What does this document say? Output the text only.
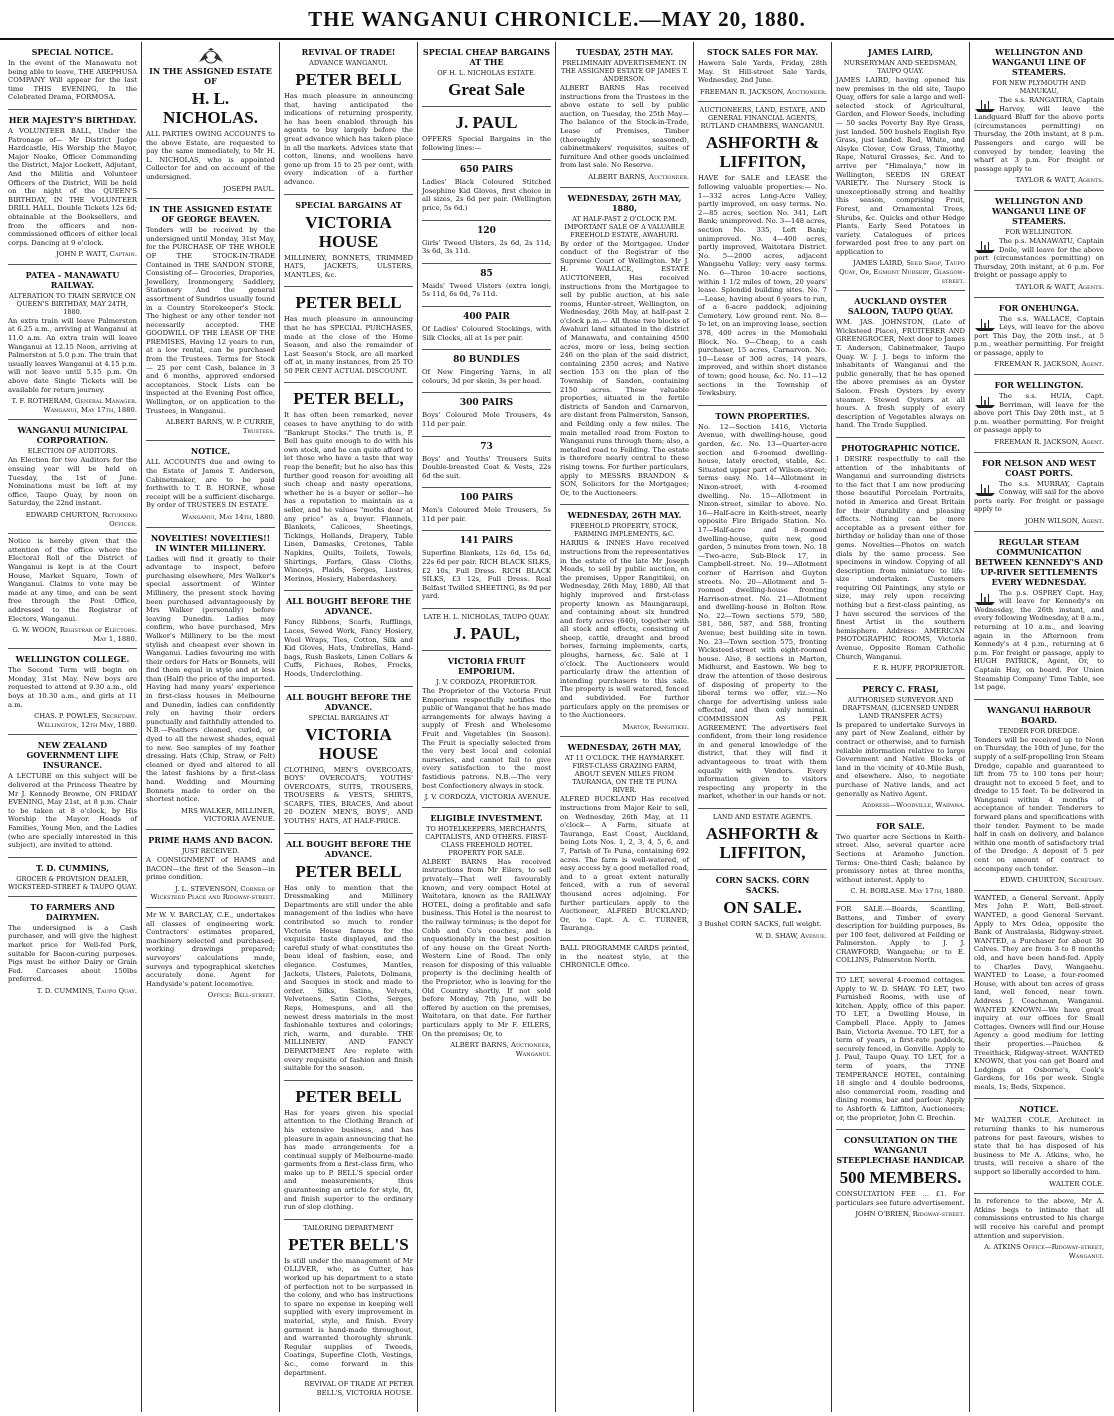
THE WANGANUI CHRONICLE.—MAY 20, 1880.
SPECIAL NOTICE.
In the event of the Manawatu not being able to leave, THE AREPHUSA COMPANY Will appear for the last time THIS EVENING, In the Celebrated Drama, FORMOSA.
HER MAJESTY'S BIRTHDAY.
A VOLUNTEER BALL, Under the Patronage of— Mr District Judge Hardcastle, His Worship the Mayor, Major Noake, Officer Commanding the District, Major Lockett, Adjutant, And the Militia and Volunteer Officers of the District, Will be held on the night of the QUEEN'S BIRTHDAY, IN THE VOLUNTEER DRILL HALL. Double Tickets 12s 6d; obtainable at the Booksellers, and from the officers and non-commissioned officers of either local corps. Dancing at 9 o'clock.
JOHN P. WATT, Captain.
PATEA - MANAWATU RAILWAY.
ALTERATION TO TRAIN SERVICE ON QUEEN'S BIRTHDAY, MAY 24TH, 1880.
An extra train will leave Palmerston at 6.25 a.m., arriving at Wanganui at 11.0 a.m. An extra train will leave Wanganui at 12.15 Noon, arriving at Palmerston at 5.0 p.m. The train that usually leaves Wanganui at 4.15 p.m. will not leave until 5.15 p.m. On above date Single Tickets will be available for return journey.
T. F. ROTHERAM, General Manager. Wanganui, May 17th, 1880.
WANGANUI MUNICIPAL CORPORATION.
ELECTION OF AUDITORS.
An Election for two Auditors for the ensuing year will be held on Tuesday, the 1st of June. Nominations must be left at my office, Taupo Quay, by noon on Saturday, the 22nd instant.
EDWARD CHURTON, Returning Officer.
Notice is hereby given that the attention of the office where the Electoral Roll of the District of Wanganui is kept is at the Court House, Market Square, Town of Wanganui. Claims to vote may be made at any time, and can be sent free through the Post Office, addressed to the Registrar of Electors, Wanganui.
G. W. WOON, Registrar of Electors. May 1, 1880.
WELLINGTON COLLEGE.
The Second Term will begin on Monday, 31st May. New boys are requested to attend at 9.30 a.m., old boys at 10.30 a.m., and girls at 11 a.m.
CHAS. P. POWLES, Secretary. Wellington, 12th May, 1880.
NEW ZEALAND GOVERNMENT LIFE INSURANCE.
A LECTURE on this subject will be delivered at the Princess Theatre by Mr J. Kennedy Browne, ON FRIDAY EVENING, May 21st, at 8 p.m. Chair to be taken at 8 o'clock, by His Worship the Mayor. Heads of Families, Young Men, and the Ladies (who are specially interested in this subject), are invited to attend.
T. D. CUMMINS,
GROCER & PROVISION DEALER, WICKSTEED-STREET & TAUPO QUAY.
TO FARMERS AND DAIRYMEN.
The undersigned is a Cash purchaser, and will give the highest market price for Well-fed Pork, suitable for Bacon-curing purposes. Pigs must be either Dairy or Grain Fed. Carcases about 150lbs preferred.
T. D. CUMMINS, Taupo Quay.
IN THE ASSIGNED ESTATE OF
H. L. NICHOLAS.
ALL PARTIES OWING ACCOUNTS to the above Estate, are requested to pay the same immediately, to Mr H. L. NICHOLAS, who is appointed Collector for and on account of the undersigned.
JOSEPH PAUL.
IN THE ASSIGNED ESTATE OF GEORGE BEAVEN.
Tenders will be received by the undersigned until Monday, 31st May, for the PURCHASE OF THE WHOLE OF THE STOCK-IN-TRADE Contained in THE SANDON STORE, Consisting of— Groceries, Drapories, Jewellery, Ironmongery, Saddlery, Stationery And the general assortment of Sundries usually found in a Country Storekeeper's Stock. The highest or any other tender not necessarily accepted. THE GOODWILL OF THE LEASE OF THE PREMISES, Having 12 years to run, at a low rental, can be purchased from the Trustees. Terms for Stock — 25 per cent Cash, balance in 3 and 6 months, approved endorsed acceptances. Stock Lists can be inspected at the Evening Post office, Wellington, or on application to the Trustees, in Wanganui.
ALBERT BARNS, W. P. CURRIE, Trustees.
NOTICE.
ALL ACCOUNTS due and owing to the Estate of James T. Anderson, Cabinetmaker, are to be paid forthwith to T. B. HORNE, whose receipt will be a sufficient discharge. By order of TRUSTEES IN ESTATE.
Wanganui, May 14th, 1880.
NOVELTIES! NOVELTIES!! IN WINTER MILLINERY.
Ladies will find it greatly to their advantage to inspect, before purchasing elsewhere, Mrs Walker's special assortment of Winter Millinery, the present stock having been purchased advantageously by Mrs Walker (personally) before leaving Dunedin. Ladies may confirm, who have purchased, Mrs Walker's Millinery to be the most stylish and cheapest ever shown in Wanganui. Ladies favouring me with their orders for Hats or Bonnets, will find them equal in style and at less than (Half) the price of the imported. Having had many years' experience in first-class houses in Melbourne and Dunedin, ladies can confidently rely on having their orders punctually and faithfully attended to. N.B.—Feathers cleaned, curled, or dyed to all the newest shades, equal to new. See samples of my feather dressing. Hats (Chip, Straw, or Felt) cleaned or dyed and altered to all the latest fashions by a first-class hand. Wedding and Mourning Bonnets made to order on the shortest notice.
MRS WALKER, MILLINER, VICTORIA AVENUE.
PRIME HAMS AND BACON.
JUST RECEIVED.
A CONSIGNMENT of HAMS and BACON—the first of the Season—in prime condition.
J. L. STEVENSON, Corner of Wicksteed Place and Ridgway-street.
Mr W. V. BARCLAY, C.E., undertakes all classes of engineering work. Contractors' estimates prepared, machinery selected and purchased; working drawings prepared; surveyors' calculations made, surveys and typographical sketches accurately done. Agent for Handyside's patent locomotive.
Office: Bell-street.
REVIVAL OF TRADE!
ADVANCE WANGANUI.
PETER BELL
Has much pleasure in announcing that, having anticipated the indications of returning prosperity, he has been enabled through his agents to buy largely before the great advance which has taken place in all the markets. Advices state that cotton, linens, and woollens have gone up from 15 to 25 per cent, with every indication of a further advance.
SPECIAL BARGAINS AT
VICTORIA HOUSE
MILLINERY, BONNETS, TRIMMED HATS, JACKETS, ULSTERS, MANTLES, &c.
PETER BELL
Has much pleasure in announcing that he has SPECIAL PURCHASES, made at the close of the Home Season, and also the remainder of Last Season's Stock, are all marked off at, in many instances, from 25 TO 50 PER CENT ACTUAL DISCOUNT.
PETER BELL,
It has often been remarked, never ceases to have anything to do with "Bankrupt Stocks." The truth is, P. Bell has quite enough to do with his own stock, and he can quite afford to let those who have a taste that way reap the benefit; but he also has this further good reason for avoiding all such cheap and nasty operations, whether he is a buyer or seller—he has a reputation to maintain as a seller, and he values "moths dear at any price" as a buyer. Flannels, Blankets, Calicoes, Sheetings, Tickings, Hollands, Drapery, Table Linen, Damasks, Cretones, Table Napkins, Quilts, Toilets, Towels, Shirtings, Forfars, Glass Cloths, Winceys, Plaids, Serges, Lustres, Merinos, Hosiery, Haberdashery.
ALL BOUGHT BEFORE THE ADVANCE.
Fancy Ribbons, Scarfs, Rufflings, Laces, Sewed Work, Fancy Hosiery, Wool Wraps, Ties, Cotton, Silk and Kid Gloves, Hats, Umbrellas, Hand-bags, Rush Baskets, Linen Collars & Cuffs, Fichues, Robes, Frocks, Hoods, Underclothing.
ALL BOUGHT BEFORE THE ADVANCE.
SPECIAL BARGAINS AT
VICTORIA HOUSE
CLOTHING, MEN'S OVERCOATS, BOYS' OVERCOATS, YOUTHS' OVERCOATS, SUITS, TROUSERS, TROUSERS & VESTS, SHIRTS, SCARFS, TIES, BRACES, And about 20 DOZEN MEN'S, BOYS', AND YOUTHS' HATS, AT HALF-PRICE.
ALL BOUGHT BEFORE THE ADVANCE.
PETER BELL
Has only to mention that the Dressmaking and Millinery Departments are still under the able management of the ladies who have contributed so much to render Victoria House famous for the exquisite taste displayed, and the careful study of what constitutes the beau ideal of fashion, ease, and elegance. Costumes, Mantles, Jackets, Ulsters, Paletots, Dolmans, and Sacques in stock and made to order. Silks, Satins, Velvets, Velveteens, Satin Cloths, Serges, Reps, Homespuns, and all the newest dress materials in the most fashionable textures and colorings; rich, warm, and durable. THE MILLINERY AND FANCY DEPARTMENT Are replete with every requisite of fashion and finish suitable for the season.
PETER BELL
Has for years given his special attention to the Clothing Branch of his extensive business, and has pleasure in again announcing that he has made arrangements for a continual supply of Melbourne-made garments from a first-class firm, who make up to P. BELL'S special order and measurements, thus guaranteeing an article for style, fit, and finish superior to the ordinary run of slop clothing.
TAILORING DEPARTMENT
PETER BELL'S
Is still under the management of Mr OLLIVER, who, as Cutter, has worked up his department to a state of perfection not to be surpassed in the colony, and who has instructions to spare no expense in keeping well supplied with every improvement in material, style, and finish. Every garment is hand-made throughout, and warranted thoroughly shrunk. Regular supplies of Tweeds, Coatings, Superfine Cloth, Vestings, &c., come forward in this department.
REVIVAL OF TRADE AT PETER BELL'S, VICTORIA HOUSE.
SPECIAL CHEAP BARGAINS AT THE
OF H. L. NICHOLAS ESTATE.
Great Sale
J. PAUL
OFFERS Special Bargains in the following lines:—
650 PAIRS
Ladies' Black Coloured Stitched Josephine Kid Gloves, first choice in all sizes, 2s 6d per pair. (Wellington price, 5s 6d.)
120
Girls' Tweed Ulsters, 2s 6d, 2s 11d, 3s 6d, 3s 11d.
85
Maids' Tweed Ulsters (extra long), 5s 11d, 6s 6d, 7s 11d.
400 PAIR
Of Ladies' Coloured Stockings, with Silk Clocks, all at 1s per pair.
80 BUNDLES
Of New Fingering Yarns, in all colours, 3d per skein, 3s per head.
300 PAIRS
Boys' Coloured Mole Trousers, 4s 11d per pair.
73
Boys' and Youths' Trousers Suits Double-breasted Coat & Vests, 22s 6d the suit.
100 PAIRS
Men's Coloured Mole Trousers, 5s 11d per pair.
141 PAIRS
Superfine Blankets, 12s 6d, 15s 6d, 22s 6d per pair. RICH BLACK SILKS, £2 10s, Full Dress. RICH BLACK SILKS, £3 12s, Full Dress. Real Belfast Twilled SHEETING, 8s 9d per yard.
LATE H. L. NICHOLAS, TAUPO QUAY.
J. PAUL,
VICTORIA FRUIT EMPORIUM.
J. V. CORDOZA, PROPRIETOR.
The Proprietor of the Victoria Fruit Emporium respectfully notifies the public of Wanganui that he has made arrangements for always having a supply of Fresh and Wholesome Fruit and Vegetables (in Season). The Fruit is specially selected from the very best local and colonial nurseries, and cannot fail to give every satisfaction to the most fastidious patrons. N.B.—The very best Confectionery always in stock.
J. V. CORDOZA, VICTORIA AVENUE.
ELIGIBLE INVESTMENT.
TO HOTELKEEPERS, MERCHANTS, CAPITALISTS, AND OTHERS. FIRST-CLASS FREEHOLD HOTEL PROPERTY FOR SALE.
ALBERT BARNS Has received instructions from Mr Eilers, to sell privately—That well favourably known, and very compact Hotel at Waitotara, known as the RAILWAY HOTEL, doing a profitable and safe business. This Hotel is the nearest to the railway terminus; is the depot for Cobb and Co's coaches, and is unquestionably in the best position of any house on the Great North-Western Line of Road. The only reason for disposing of this valuable property is the declining health of the Proprietor, who is leaving for the Old Country shortly. If not sold before Monday, 7th June, will be offered by auction on the premises, Waitotara, on that date. For further particulars apply to Mr F. EILERS, On the premises; Or, to
ALBERT BARNS, Auctioneer, Wanganui.
TUESDAY, 25TH MAY.
PRELIMINARY ADVERTISEMENT. IN THE ASSIGNED ESTATE OF JAMES T. ANDERSON.
ALBERT BARNS Has received instructions from the Trustees in the above estate to sell by public auction, on Tuesday, the 25th May— The balance of the Stock-in-Trade, Lease of Premises, Timber (thoroughly seasoned), cabinetmakers' requisites, suites of furniture And other goods unclaimed from last sale. No Reserve.
ALBERT BARNS, Auctioneer.
WEDNESDAY, 26TH MAY, 1880,
AT HALF-PAST 2 O'CLOCK P.M. IMPORTANT SALE OF A VALUABLE FREEHOLD ESTATE, AWAHURI.
By order of the Mortgagee. Under conduct of the Registrar of the Supreme Court of Wellington. Mr J. H. WALLACE, ESTATE AUCTIONEER, Has received instructions from the Mortgagee to sell by public auction, at his sale rooms, Hunter-street, Wellington, on Wednesday, 26th May, at half-past 2 o'clock p.m.— All those two blocks of Awahuri land situated in the district of Manawatu, and containing 4500 acres, more or less, being section 246 on the plan of the said district, containing 2350 acres; and Native section 153 on the plan of the Township of Sandon, containing 2150 acres. These valuable properties, situated in the fertile districts of Sandon and Carnarvon, are distant from Palmerston, Sanson, and Feilding only a few miles. The main metalled road from Foxton to Wanganui runs through them; also, a metalled road to Feilding. The estate is therefore nearly central to these rising towns. For further particulars, apply to MESSRS BRANDON & SON, Solicitors for the Mortgagee; Or, to the Auctioneers.
WEDNESDAY, 26TH MAY.
FREEHOLD PROPERTY, STOCK, FARMING IMPLEMENTS, &C.
HARRIS & INNES Have received instructions from the representatives in the estate of the late Mr Joseph Meads, to sell by public auction, on the premises, Upper Rangitikei, on Wednesday, 26th May, 1880, All that highly improved and first-class property known as Maungaraupi, and containing about six hundred and forty acres (640), together with all stock and effects, consisting of sheep, cattle, draught and brood horses, farming implements, carts, ploughs, harness, &c. Sale at 1 o'clock. The Auctioneers would particularly draw the attention of intending purchasers to this sale. The property is well watered, fenced and subdivided. For further particulars apply on the premises or to the Auctioneers.
Marton, Rangitikei.
WEDNESDAY, 26TH MAY,
AT 11 O'CLOCK. THE HAYMARKET. FIRST-CLASS GRAZING FARM, ABOUT SEVEN MILES FROM TAURANGA, ON THE TE PUNA RIVER.
ALFRED BUCKLAND Has received instructions from Major Keir to sell, on Wednesday, 26th May, at 11 o'clock— A Farm, situate at Tauranga, East Coast, Auckland, being Lots Nos. 1, 2, 3, 4, 5, 6, and 7, Parish of Te Puna, containing 692 acres. The farm is well-watered, of easy access by a good metalled road, and to a great extent naturally fenced, with a run of several thousand acres adjoining. For further particulars apply to the Auctioneer, ALFRED BUCKLAND; Or, to Capt. A. C. TURNER, Tauranga.
BALL PROGRAMME CARDS printed, in the neatest style, at the CHRONICLE Office.
STOCK SALES FOR MAY.
Hawera Sale Yards, Friday, 28th May. St Hill-street Sale Yards, Wednesday, 2nd June.
FREEMAN R. JACKSON, Auctioneer.
AUCTIONEERS, LAND, ESTATE, AND GENERAL FINANCIAL AGENTS, RUTLAND CHAMBERS, WANGANUI.
ASHFORTH & LIFFITON,
HAVE for SALE and LEASE the following valuable properties:— No. 1—332 acres Long-Acre Valley, partly improved, on easy terms. No. 2—85 acres, section No. 341, Left Bank; unimproved. No. 3—148 acres, section No. 335, Left Bank; unimproved. No. 4—400 acres, partly improved, Waitotara District. No. 5—2000 acres, adjacent Wangaehu Valley; very easy terms. No. 6—Three 10-acre sections, within 1 1/2 miles of town, 20 years' lease. Splendid building sites. No. 7—Lease, having about 6 years to run, of a 6-acre paddock, adjoining Cemetery. Low ground rent. No. 8—To let, on an improving lease, section 378, 400 acres in the Momohaki Block. No. 9—Cheap, to a cash purchaser, 15 acres, Carnarvon. No. 10—Lease of 300 acres, 14 years, improved, and within short distance of town; good house, &c. No. 11—12 sections in the Township of Tewksbury.
TOWN PROPERTIES.
No. 12—Section 1416, Victoria Avenue, with dwelling-house, good garden, &c. No. 13—Quarter-acre section and 6-roomed dwelling-house, lately erected, stable, &c. Situated upper part of Wilson-street; terms easy. No. 14—Allotment in Nixon-street, with 4-roomed dwelling. No. 15—Allotment in Nixon-street, similar to above. No. 16—Half-acre in Keith-street, nearly opposite Fire Brigade Station. No. 17—Half-acre and 8-roomed dwelling-house, quite new, good garden, 5 minutes from town. No. 18—Two-acre, Sub-Block 17, in Campbell-street. No. 19—Allotment corner of Harrison and Guyton streets. No. 20—Allotment and 5-roomed dwelling-house fronting Harrison-street. No. 21—Allotment and dwelling-house in Bolton Row. No. 22—Town sections 579, 580, 581, 586, 587, and 588, fronting Avenue; best building site in town. No. 23—Town section 575, fronting Wicksteed-street with eight-roomed house. Also, 8 sections in Marton, Midhurst, and Eastown. We beg to draw the attention of those desirous of disposing of property to the liberal terms we offer, viz.:—No charge for advertising unless sale effected, and then only nominal. COMMISSION AS PER AGREEMENT. The advertisers feel confident, from their long residence in and general knowledge of the district, that they will find it advantageous to treat with them equally with Vendors. Every information given to visitors respecting any property in the market, whether in our hands or not.
LAND AND ESTATE AGENTS.
ASHFORTH & LIFFITON,
CORN SACKS. CORN SACKS.
ON SALE.
3 Bushel CORN SACKS, full weight.
W. D. SHAW, Avenue.
JAMES LAIRD,
NURSERYMAN AND SEEDSMAN, TAUPO QUAY.
JAMES LAIRD, having opened his new premises in the old site, Taupo Quay, offers for sale a large and well-selected stock of Agricultural, Garden, and Flower Seeds, including— 50 sacks Poverty Bay Rye Grass, just landed. 500 bushels English Rye Grass, just landed. Red, White, and Alsyke Clover, Cow Grass, Timothy, Rape, Natural Grasses, &c. And to arrive per "Himalaya," now in Wellington, SEEDS IN GREAT VARIETY. The Nursery Stock is unexceptionally strong and healthy this season, comprising Fruit, Forest, and Ornamental Trees, Shrubs, &c. Quicks and other Hedge Plants. Early Seed Potatoes in variety. Catalogues of prices forwarded post free to any part on application to
JAMES LAIRD, Seed Shop, Taupo Quay, Or, Egmont Nursery, Glasgow-street.
AUCKLAND OYSTER SALOON, TAUPO QUAY.
WM. JAS. JOHNSTON, (Late of Wicksteed Place), FRUITERER AND GREENGROCER, Next door to James T. Anderson, Cabinetmaker, Taupo Quay. W. J. J. begs to inform the inhabitants of Wanganui and the public generally, that he has opened the above premises as an Oyster Saloon. Fresh Oysters by every steamer. Stewed Oysters at all hours. A fresh supply of every description of Vegetables always on hand. The Trade Supplied.
PHOTOGRAPHIC NOTICE.
I DESIRE respectfully to call the attention of the inhabitants of Wanganui and surrounding districts to the fact that I am now producing those beautiful Porcelain Portraits, noted in America and Great Britain for their durability and pleasing effects. Nothing can be more acceptable as a present either for birthday or holiday than one of those gems. Novelties—Photos on watch dials by the same process. See specimens in window. Copying of all description from miniature to life-size undertaken. Customers requiring Oil Paintings, any style or size, may rely upon receiving nothing but a first-class painting, as I have secured the services of the finest Artist in the southern hemisphere. Address: AMERICAN PHOTOGRAPHIC ROOMS, Victoria Avenue, Opposite Roman Catholic Church, Wanganui.
F. R. HUFF, PROPRIETOR.
PERCY C. FRASI,
AUTHORISED SURVEYOR AND DRAFTSMAN, (LICENSED UNDER LAND TRANSFER ACTS)
Is prepared to undertake Surveys in any part of New Zealand, either by contract or otherwise, and to furnish reliable information relative to large Government and Native Blocks of land in the vicinity of 40-Mile Bush, and elsewhere. Also, to negotiate purchase of Native lands, and act generally as Native Agent.
Address—Woodville, Waipawa.
FOR SALE.
Two quarter acre Sections in Keith-street. Also, several quarter acre Sections at Aramoho Junction. Terms: One-third Cash; balance by promissory notes at three months, without interest. Apply to
C. H. BORLASE. May 17th, 1880.
FOR SALE.—Boards, Scantling, Battens, and Timber of every description for building purposes, 8s per 100 feet, delivered at Feilding or Palmerston. Apply to J. J. CRAWFORD, Wangaehu; or to E. COLLINS, Palmerston North.
TO LET, several 4-roomed cottages. Apply to W. D. SHAW. TO LET, two Furnished Rooms, with use of kitchen. Apply, office of this paper. TO LET, a Dwelling House, in Campbell Place. Apply to James Bain, Victoria Avenue. TO LET, for a term of years, a first-rate paddock, securely fenced, in Gonville. Apply to J. Paul, Taupo Quay. TO LET, for a term of years, the TYNE TEMPERANCE HOTEL, containing 18 single and 4 double bedrooms, also commercial room, reading and dining rooms, bar and parlour. Apply to Ashforth & Liffiton, Auctioneers; or, the proprietor, John C. Brechin.
CONSULTATION ON THE WANGANUI STEEPLECHASE HANDICAP.
500 MEMBERS.
CONSULTATION FEE ... £1. For particulars see future advertisement.
JOHN O'BRIEN, Ridgway-street.
WELLINGTON AND WANGANUI LINE OF STEAMERS.
FOR NEW PLYMOUTH AND MANUKAU,
The s.s. RANGATIRA, Captain Harvey, will leave the Landguard Bluff for the above ports (circumstances permitting) on Thursday, the 20th instant, at 8 p.m. Passengers and cargo will be conveyed by tender, leaving the wharf at 3 p.m. For freight or passage apply to
TAYLOR & WATT, Agents.
WELLINGTON AND WANGANUI LINE OF STEAMERS.
FOR WELLINGTON.
The p.s. MANAWATU, Captain Doile, will leave for the above port (circumstances permitting) on Thursday, 20th instant, at 6 p.m. For freight or passage apply to
TAYLOR & WATT, Agents.
FOR ONEHUNGA.
The s.s. WALLACE, Captain Leys, will leave for the above port This Day, the 20th inst., at 5 p.m., weather permitting. For freight or passage, apply to
FREEMAN R. JACKSON, Agent.
FOR WELLINGTON.
The s.s. HUIA, Capt. Berriman, will leave for the above port This Day 20th inst., at 5 p.m. weather permitting. For freight or passage apply to
FREEMAN R. JACKSON, Agent.
FOR NELSON AND WEST COAST PORTS.
The s.s. MURRAY, Captain Conway, will sail for the above ports early. For freight or passage apply to
JOHN WILSON, Agent.
REGULAR STEAM COMMUNICATION BETWEEN KENNEDY'S AND UP-RIVER SETTLEMENTS EVERY WEDNESDAY.
The p.s. OSPREY Capt. Hay, will leave for Kennedy's on Wednesday, the 26th instant, and every following Wednesday, at 8 a.m., returning at 10 a.m., and leaving again in the Afternoon from Kennedy's at 4 p.m., returning at 6 p.m. For freight or passage, apply to HUGH PATRICK, Agent, Or, to Captain Hay, on board. For Union Steamship Company' Time Table, see 1st page.
WANGANUI HARBOUR BOARD.
TENDER FOR DREDGE.
Tenders will be received up to Noon on Thursday, the 10th of June, for the supply of a self-propelling Iron Steam Dredge, capable and guaranteed to lift from 75 to 100 tons per hour; draught not to exceed 5 feet, and to dredge to 15 feet. To be delivered in Wanganui within 4 months of acceptance of tender. Tenderers to forward plans and specifications with their tender. Payment to be made half in cash on delivery, and balance within one month of satisfactory trial of the Dredge. A deposit of 5 per cent on amount of contract to accompany each tender.
EDWD. CHURTON, Secretary.
WANTED, a General Servant. Apply Mrs John P. Watt, Bell-street. WANTED, a good General Servant. Apply to Mrs Odea, opposite the Bank of Australasia, Ridgway-street. WANTED, a Purchaser for about 30 Calves. They are from 3 to 8 months old, and have been hand-fed. Apply to Charles Davy, Wangaehu. WANTED to Lease, a four-roomed House, with about ten acres of grass land, well fenced, near town. Address J. Coachman, Wanganui. WANTED KNOWN—We have great inquiry at our offices for Small Cottages. Owners will find our House Agency a good medium for letting their properties.—Pauchea & Treeithick, Ridgway-street. WANTED KNOWN, that you can get Board and Lodgings at Osborne's, Cook's Gardens, for 16s per week. Single meals, 1s; Beds, Sixpence.
NOTICE.
Mr WALTER COLE, Architect in returning thanks to his numerous patrons for past favours, wishes to state that he has disposed of his business to Mr A. Atkins, who, he trusts, will receive a share of the support so liberally accorded to him.
WALTER COLE.
In reference to the above, Mr A. Atkins begs to intimate that all commissions entrusted to his charge will receive his careful and prompt attention and supervision.
A. ATKINS Office—Ridgway-street, Wanganui.
